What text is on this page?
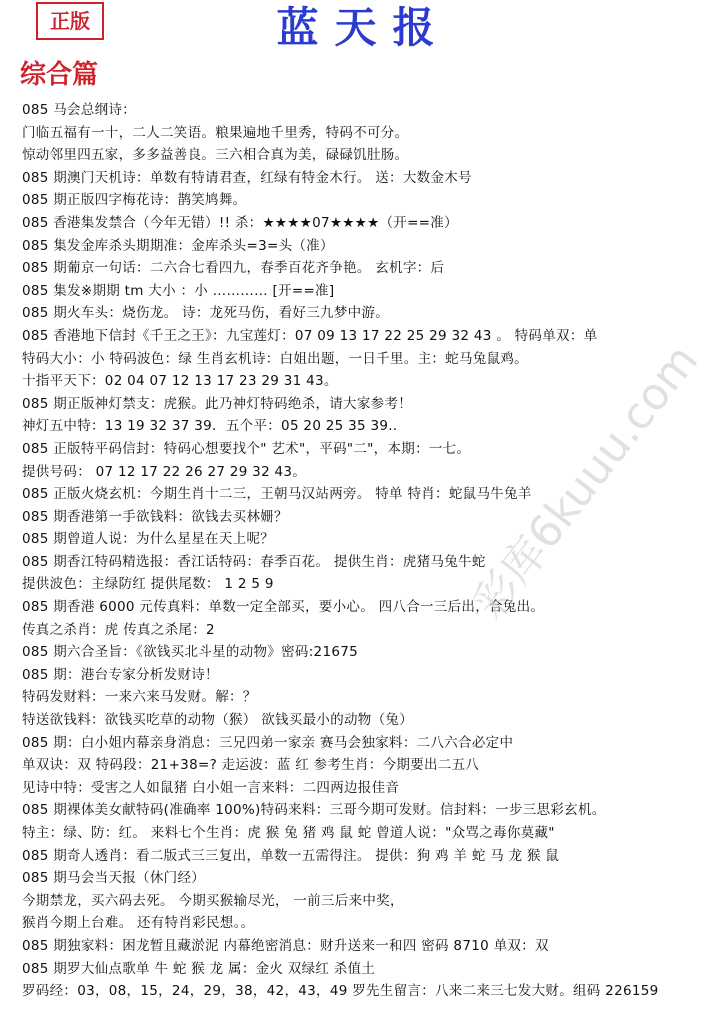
正版	蓝天报
综合篇
085 马会总纲诗：
门临五福有一十，二人二笑语。粮果遍地千里秀，特码不可分。
惊动邻里四五家，多多益善良。三六相合真为美，碌碌饥肚肠。
085 期澳门天机诗：单数有特请君查，红绿有特金木行。 送：大数金木号
085 期正版四字梅花诗：鹊笑鸠舞。
085 香港集发禁合（今年无错）!! 杀：★★★★07★★★★（开==准）
085 集发金库杀头期期准：金库杀头=3=头（准）
085 期葡京一句话：二六合七看四九，春季百花齐争艳。 玄机字：后
085 集发※期期 tm 大小 ：小 ………… [开==准]
085 期火车头：烧伤龙。 诗：龙死马伤，看好三九梦中游。
085 香港地下信封《千王之王》：九宝莲灯：07 09 13 17 22 25 29 32 43 。 特码单双：单
特码大小：小 特码波色：绿 生肖玄机诗：白姐出题，一日千里。主：蛇马兔鼠鸡。
十指平天下：02 04 07 12 13 17 23 29 31 43。
085 期正版神灯禁支：虎猴。此乃神灯特码绝杀，请大家参考！
神灯五中特：13 19 32 37 39．五个平：05 20 25 35 39.．
085 正版特平码信封：特码心想要找个" 艺术"，平码"二"，本期：一七。
提供号码： 07 12 17 22 26 27 29 32 43。
085 正版火烧玄机：今期生肖十二三，王朝马汉站两旁。 特单 特肖：蛇鼠马牛兔羊
085 期香港第一手欲钱料：欲钱去买林姗？
085 期曾道人说：为什么星星在天上呢？
085 期香江特码精选报：香江话特码：春季百花。 提供生肖：虎猪马兔牛蛇
提供波色：主绿防红 提供尾数： 1 2 5 9
085 期香港 6000 元传真料：单数一定全部买，要小心。 四八合一三后出，合兔出。
传真之杀肖：虎 传真之杀尾：2
085 期六合圣旨：《欲钱买北斗星的动物》密码:21675
085 期：港台专家分析发财诗！
特码发财料：一来六来马发财。解：？
特送欲钱料：欲钱买吃草的动物（猴） 欲钱买最小的动物（兔）
085 期：白小姐内幕亲身消息：三兄四弟一家亲 赛马会独家料：二八六合必定中
单双诀：双 特码段：21+38=? 走运波：蓝 红 参考生肖：今期要出二五八
见诗中特：受害之人如鼠猪 白小姐一言来料：二四两边报佳音
085 期裸体美女献特码(准确率 100%)特码来料：三哥今期可发财。信封料：一步三思彩玄机。
特主：绿、防：红。 来料七个生肖：虎 猴 兔 猪 鸡 鼠 蛇 曾道人说："众骂之毒你莫藏"
085 期奇人透肖：看二版式三三复出，单数一五需得注。 提供：狗 鸡 羊 蛇 马 龙 猴 鼠
085 期马会当天报（休门经）
今期禁龙，买六码去死。 今期买猴输尽光， 一前三后来中奖，
猴肖今期上台难。 还有特肖彩民想。。
085 期独家料：困龙暂且藏淤泥 内幕绝密消息：财升送来一和四 密码 8710 单双：双
085 期罗大仙点歌单 牛 蛇 猴 龙 属：金火 双绿红 杀值土
罗码经：03，08，15，24，29，38，42，43，49 罗先生留言：八来二来三七发大财。组码 226159
彩库6kuuu.com
